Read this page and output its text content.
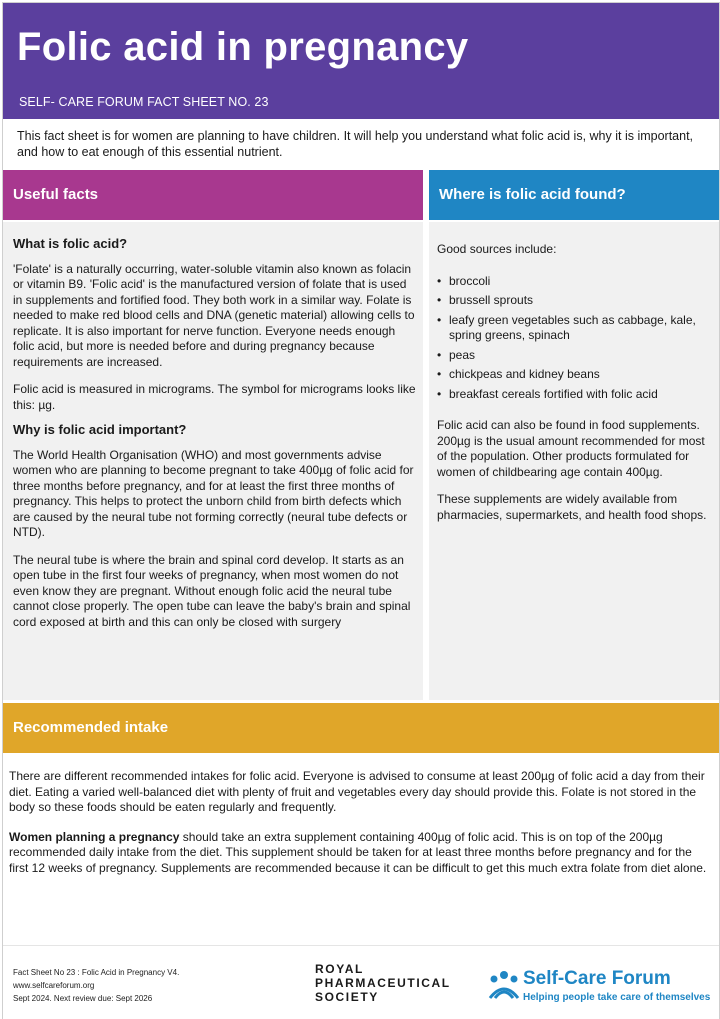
Folic acid in pregnancy
SELF- CARE FORUM FACT SHEET NO. 23
This fact sheet is for women are planning to have children. It will help you understand what folic acid is, why it is important, and how to eat enough of this essential nutrient.
Useful facts	Where is folic acid found?
What is folic acid?

'Folate' is a naturally occurring, water-soluble vitamin also known as folacin or vitamin B9. 'Folic acid' is the manufactured version of folate that is used in supplements and fortified food. They both work in a similar way. Folate is needed to make red blood cells and DNA (genetic material) allowing cells to replicate. It is also important for nerve function. Everyone needs enough folic acid, but more is needed before and during pregnancy because requirements are increased.

Folic acid is measured in micrograms. The symbol for micrograms looks like this: µg.

Why is folic acid important?

The World Health Organisation (WHO) and most governments advise women who are planning to become pregnant to take 400µg of folic acid for three months before pregnancy, and for at least the first three months of pregnancy. This helps to protect the unborn child from birth defects which are caused by the neural tube not forming correctly (neural tube defects or NTD).

The neural tube is where the brain and spinal cord develop. It starts as an open tube in the first four weeks of pregnancy, when most women do not even know they are pregnant. Without enough folic acid the neural tube cannot close properly. The open tube can leave the baby's brain and spinal cord exposed at birth and this can only be closed with surgery

Good sources include:

• broccoli
• brussell sprouts
• leafy green vegetables such as cabbage, kale, spring greens, spinach
• peas
• chickpeas and kidney beans
• breakfast cereals fortified with folic acid

Folic acid can also be found in food supplements. 200µg is the usual amount recommended for most of the population. Other products formulated for women of childbearing age contain 400µg.

These supplements are widely available from pharmacies, supermarkets, and health food shops.

Recommended intake

There are different recommended intakes for folic acid. Everyone is advised to consume at least 200µg of folic acid a day from their diet. Eating a varied well-balanced diet with plenty of fruit and vegetables every day should provide this. Folate is not stored in the body so these foods should be eaten regularly and frequently.

Women planning a pregnancy should take an extra supplement containing 400µg of folic acid. This is on top of the 200µg recommended daily intake from the diet. This supplement should be taken for at least three months before pregnancy and for the first 12 weeks of pregnancy. Supplements are recommended because it can be difficult to get this much extra folate from diet alone.

Fact Sheet No 23 : Folic Acid in Pregnancy V4.
www.selfcareforum.org
Sept 2024. Next review due: Sept 2026
ROYAL
PHARMACEUTICAL
SOCIETY
Self-Care Forum
Helping people take care of themselves
